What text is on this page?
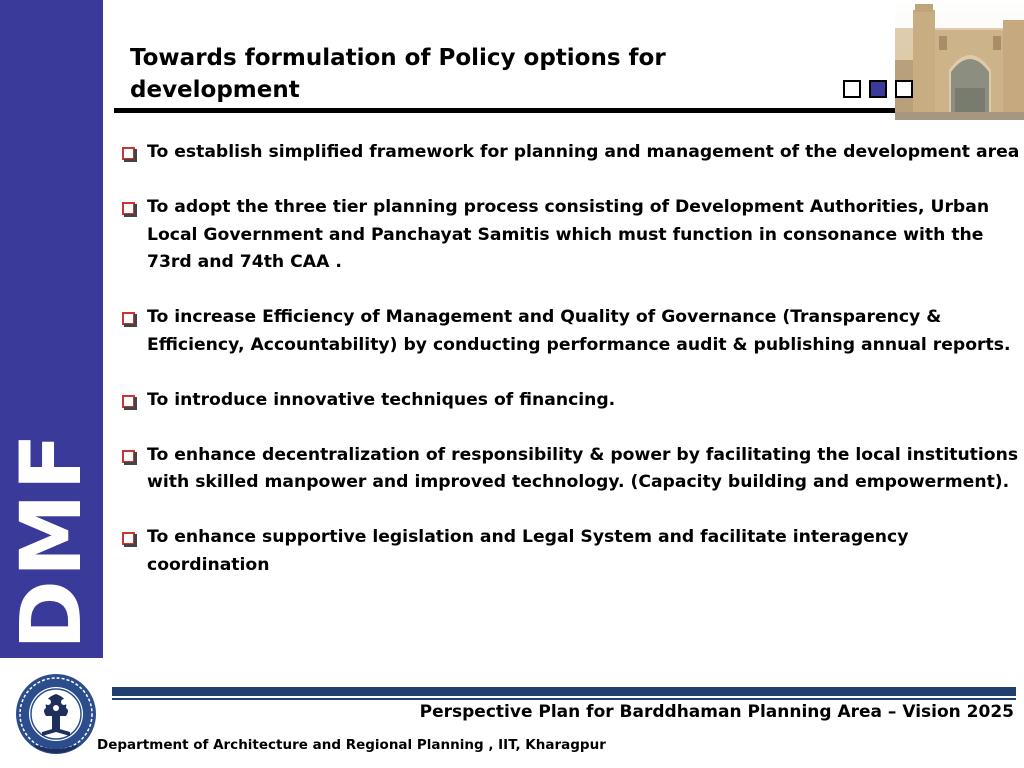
DMF
Towards formulation of Policy options for development
To establish simplified framework for planning and management of the development area
To adopt the three tier planning process consisting of Development Authorities, Urban Local Government and Panchayat Samitis which must function in consonance with the 73rd and 74th CAA .
To increase Efficiency of Management and Quality of Governance (Transparency & Efficiency, Accountability) by conducting performance audit & publishing annual reports.
To introduce innovative techniques of financing.
To enhance decentralization of responsibility & power by facilitating the local institutions with skilled manpower and improved technology. (Capacity building and empowerment).
To enhance supportive legislation and Legal System and facilitate interagency coordination
Perspective Plan for Barddhaman Planning Area – Vision 2025
Department of Architecture and Regional Planning , IIT, Kharagpur
